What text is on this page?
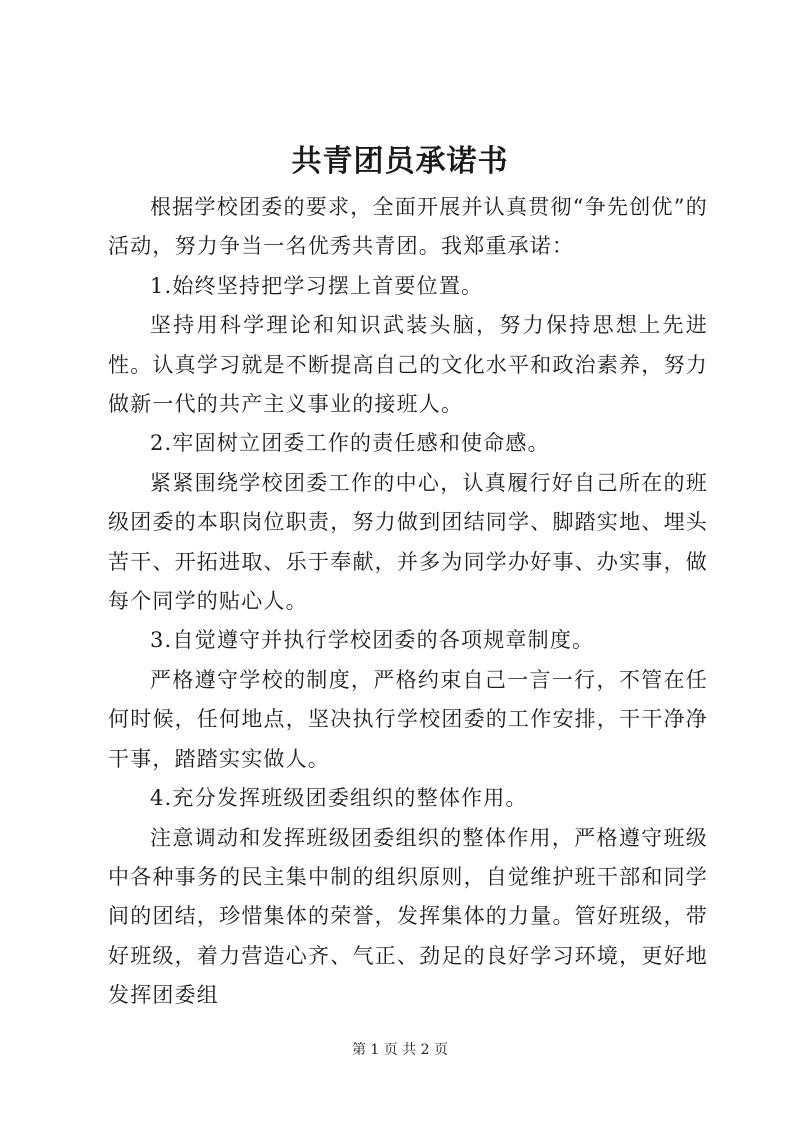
共青团员承诺书

根据学校团委的要求，全面开展并认真贯彻“争先创优”的活动，努力争当一名优秀共青团。我郑重承诺：

1.始终坚持把学习摆上首要位置。

坚持用科学理论和知识武装头脑，努力保持思想上先进性。认真学习就是不断提高自己的文化水平和政治素养，努力做新一代的共产主义事业的接班人。

2.牢固树立团委工作的责任感和使命感。

紧紧围绕学校团委工作的中心，认真履行好自己所在的班级团委的本职岗位职责，努力做到团结同学、脚踏实地、埋头苦干、开拓进取、乐于奉献，并多为同学办好事、办实事，做每个同学的贴心人。

3.自觉遵守并执行学校团委的各项规章制度。

严格遵守学校的制度，严格约束自己一言一行，不管在任何时候，任何地点，坚决执行学校团委的工作安排，干干净净干事，踏踏实实做人。

4.充分发挥班级团委组织的整体作用。

注意调动和发挥班级团委组织的整体作用，严格遵守班级中各种事务的民主集中制的组织原则，自觉维护班干部和同学间的团结，珍惜集体的荣誉，发挥集体的力量。管好班级，带好班级，着力营造心齐、气正、劲足的良好学习环境，更好地发挥团委组

第 1 页 共 2 页
